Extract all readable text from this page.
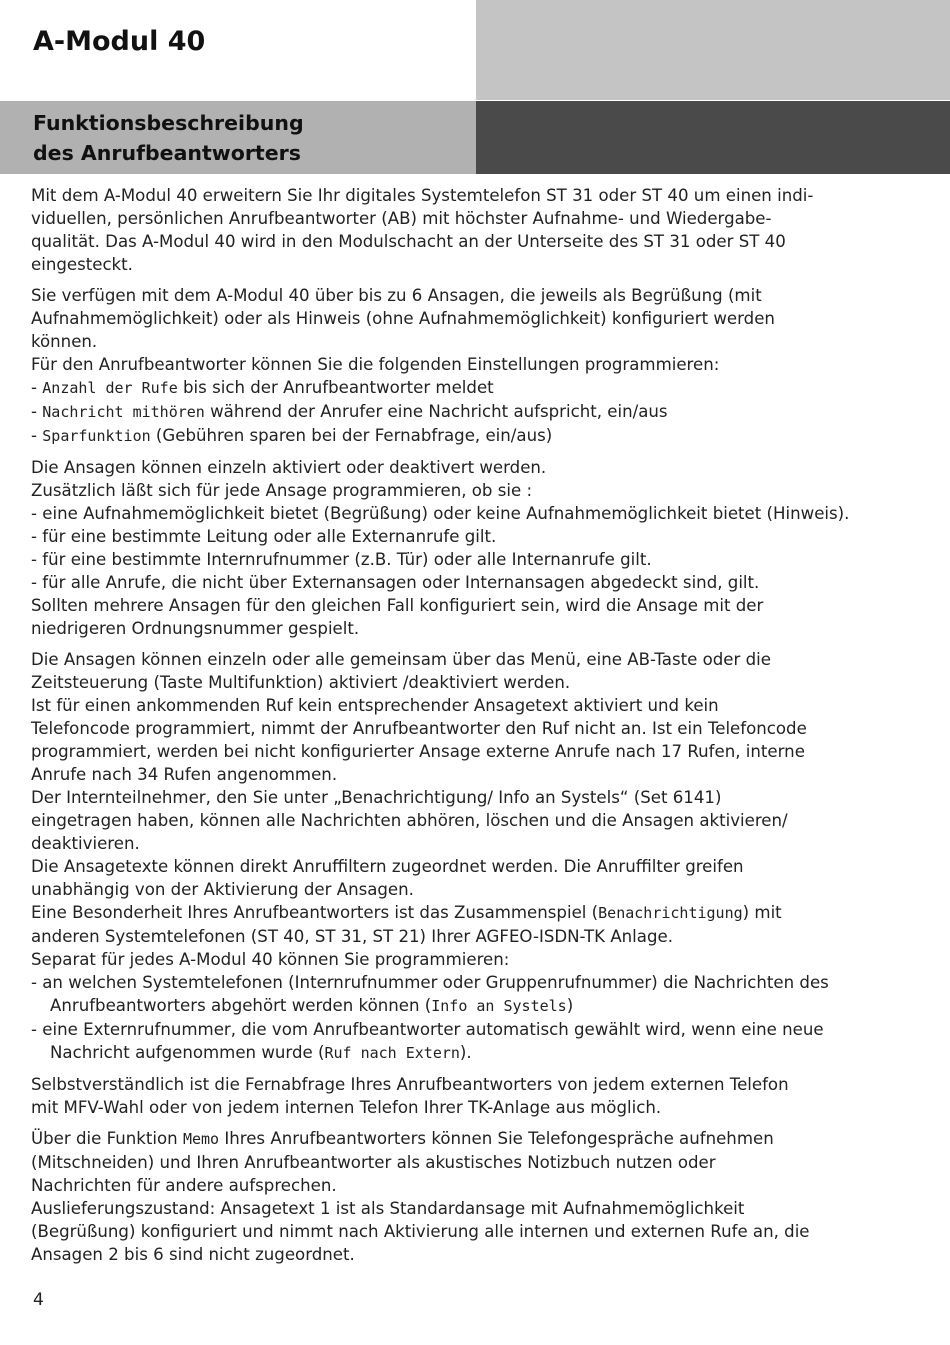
A-Modul 40
Funktionsbeschreibung
des Anrufbeantworters

Mit dem A-Modul 40 erweitern Sie Ihr digitales Systemtelefon ST 31 oder ST 40 um einen indi-

viduellen, persönlichen Anrufbeantworter (AB) mit höchster Aufnahme- und Wiedergabe-

qualität. Das A-Modul 40 wird in den Modulschacht an der Unterseite des ST 31 oder ST 40

eingesteckt.

Sie verfügen mit dem A-Modul 40 über bis zu 6 Ansagen, die jeweils als Begrüßung (mit

Aufnahmemöglichkeit) oder als Hinweis (ohne Aufnahmemöglichkeit) konfiguriert werden

können.

Für den Anrufbeantworter können Sie die folgenden Einstellungen programmieren:

- Anzahl der Rufe bis sich der Anrufbeantworter meldet

- Nachricht mithören während der Anrufer eine Nachricht aufspricht, ein/aus

- Sparfunktion (Gebühren sparen bei der Fernabfrage, ein/aus)

Die Ansagen können einzeln aktiviert oder deaktivert werden.

Zusätzlich läßt sich für jede Ansage programmieren, ob sie :

- eine Aufnahmemöglichkeit bietet (Begrüßung) oder keine Aufnahmemöglichkeit bietet (Hinweis).

- für eine bestimmte Leitung oder alle Externanrufe gilt.

- für eine bestimmte Internrufnummer (z.B. Tür) oder alle Internanrufe gilt.

- für alle Anrufe, die nicht über Externansagen oder Internansagen abgedeckt sind, gilt.

Sollten mehrere Ansagen für den gleichen Fall konfiguriert sein, wird die Ansage mit der

niedrigeren Ordnungsnummer gespielt.

Die Ansagen können einzeln oder alle gemeinsam über das Menü, eine AB-Taste oder die

Zeitsteuerung (Taste Multifunktion) aktiviert /deaktiviert werden.

Ist für einen ankommenden Ruf kein entsprechender Ansagetext aktiviert und kein

Telefoncode programmiert, nimmt der Anrufbeantworter den Ruf nicht an. Ist ein Telefoncode

programmiert, werden bei nicht konfigurierter Ansage externe Anrufe nach 17 Rufen, interne

Anrufe nach 34 Rufen angenommen.

Der Internteilnehmer, den Sie unter „Benachrichtigung/ Info an Systels“ (Set 6141)

eingetragen haben, können alle Nachrichten abhören, löschen und die Ansagen aktivieren/

deaktivieren.

Die Ansagetexte können direkt Anruffiltern zugeordnet werden. Die Anruffilter greifen

unabhängig von der Aktivierung der Ansagen.

Eine Besonderheit Ihres Anrufbeantworters ist das Zusammenspiel (Benachrichtigung) mit

anderen Systemtelefonen (ST 40, ST 31, ST 21) Ihrer AGFEO-ISDN-TK Anlage.

Separat für jedes A-Modul 40 können Sie programmieren:

- an welchen Systemtelefonen (Internrufnummer oder Gruppenrufnummer) die Nachrichten des Anrufbeantworters abgehört werden können (Info an Systels)

- eine Externrufnummer, die vom Anrufbeantworter automatisch gewählt wird, wenn eine neue Nachricht aufgenommen wurde (Ruf nach Extern).

Selbstverständlich ist die Fernabfrage Ihres Anrufbeantworters von jedem externen Telefon

mit MFV-Wahl oder von jedem internen Telefon Ihrer TK-Anlage aus möglich.

Über die Funktion Memo Ihres Anrufbeantworters können Sie Telefongespräche aufnehmen

(Mitschneiden) und Ihren Anrufbeantworter als akustisches Notizbuch nutzen oder

Nachrichten für andere aufsprechen.

Auslieferungszustand: Ansagetext 1 ist als Standardansage mit Aufnahmemöglichkeit

(Begrüßung) konfiguriert und nimmt nach Aktivierung alle internen und externen Rufe an, die

Ansagen 2 bis 6 sind nicht zugeordnet.

4
